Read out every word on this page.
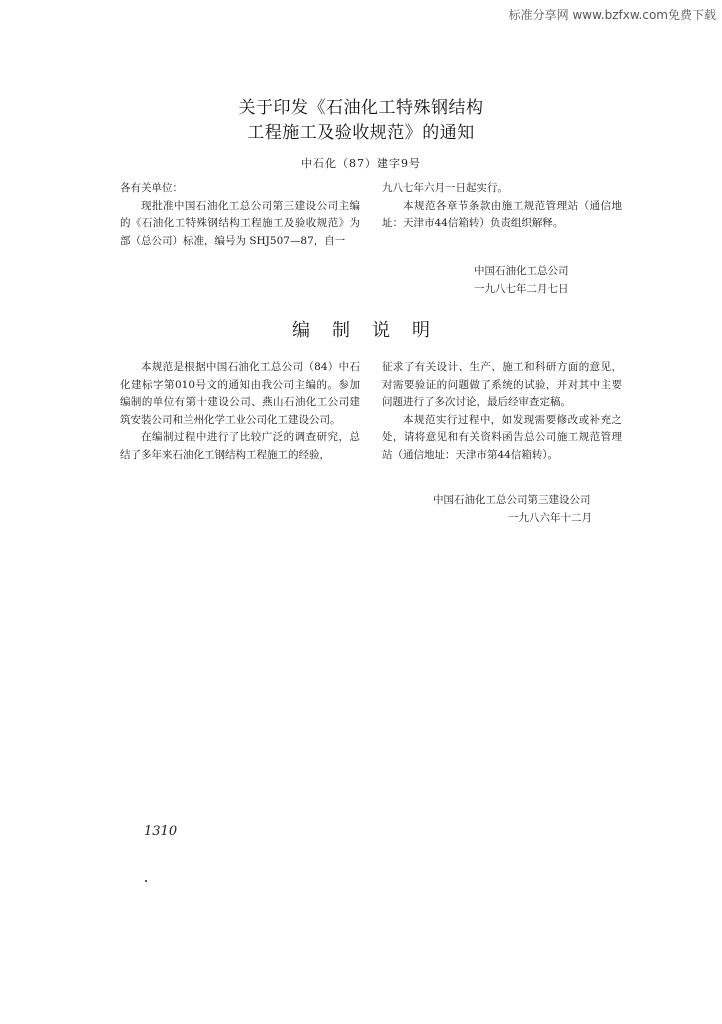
标准分享网 www.bzfxw.com免费下载
关于印发《石油化工特殊钢结构
工程施工及验收规范》的通知
中石化（87）建字9号

各有关单位：

现批准中国石油化工总公司第三建设公司主编的《石油化工特殊钢结构工程施工及验收规范》为部（总公司）标准，编号为 SHJ507—87，自一

九八七年六月一日起实行。

本规范各章节条款由施工规范管理站（通信地址：天津市44信箱转）负责组织解释。

中国石油化工总公司
一九八七年二月七日
编制说明

本规范是根据中国石油化工总公司（84）中石化建标字第010号文的通知由我公司主编的。参加编制的单位有第十建设公司、燕山石油化工公司建筑安装公司和兰州化学工业公司化工建设公司。

在编制过程中进行了比较广泛的调查研究，总结了多年来石油化工钢结构工程施工的经验，

征求了有关设计、生产、施工和科研方面的意见，对需要验证的问题做了系统的试验，并对其中主要问题进行了多次讨论，最后经审查定稿。

本规范实行过程中，如发现需要修改或补充之处，请将意见和有关资料函告总公司施工规范管理站（通信地址：天津市第44信箱转）。

中国石油化工总公司第三建设公司
一九八六年十二月
1310
